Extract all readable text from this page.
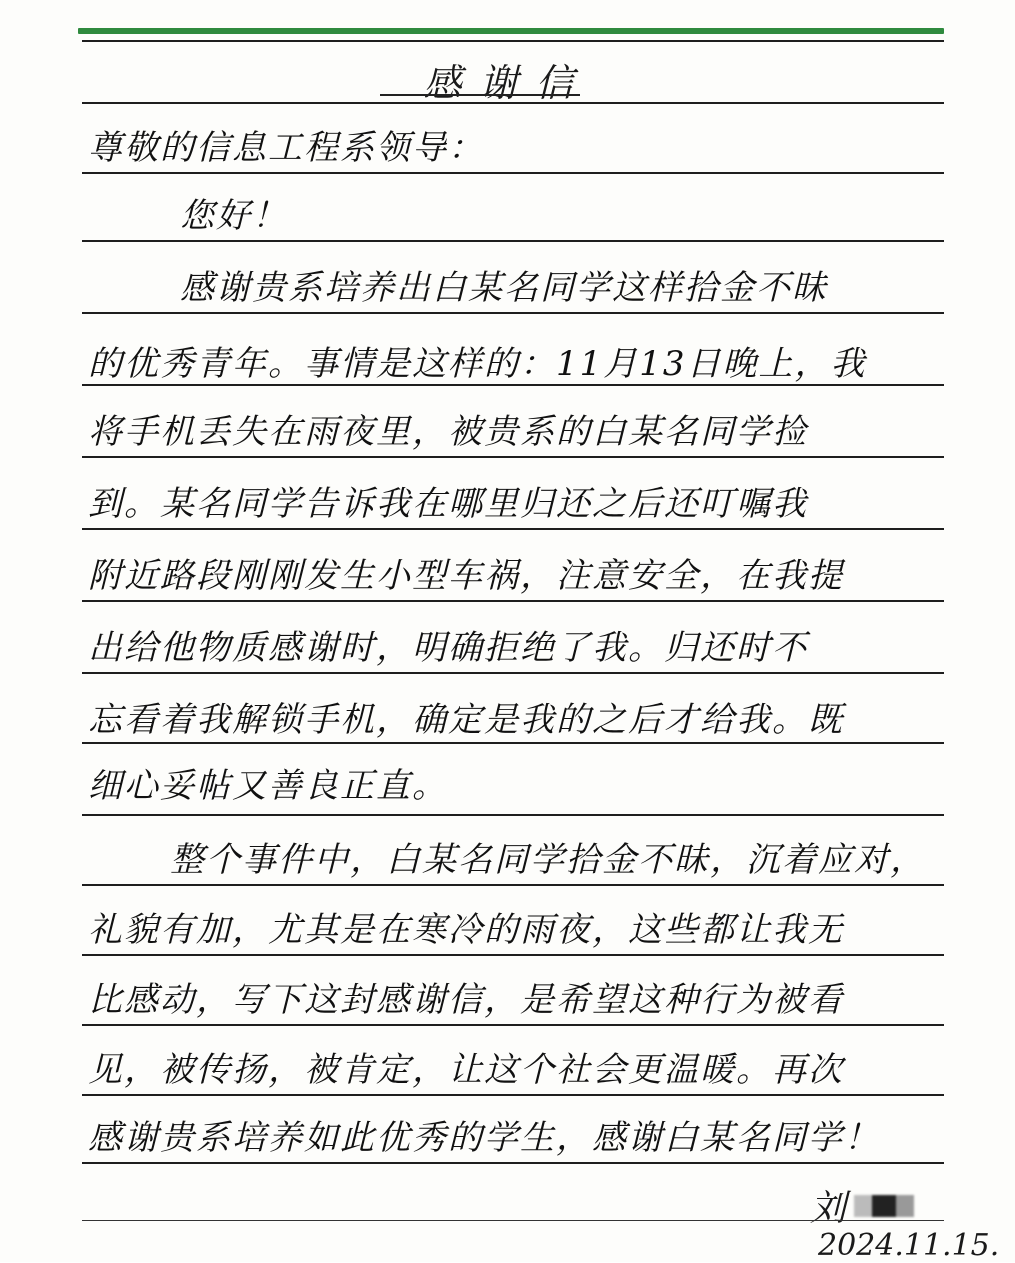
感谢信
尊敬的信息工程系领导：
您好！
感谢贵系培养出白某名同学这样拾金不昧
的优秀青年。事情是这样的：11月13日晚上，我
将手机丢失在雨夜里，被贵系的白某名同学捡
到。某名同学告诉我在哪里归还之后还叮嘱我
附近路段刚刚发生小型车祸，注意安全，在我提
出给他物质感谢时，明确拒绝了我。归还时不
忘看着我解锁手机，确定是我的之后才给我。既
细心妥帖又善良正直。
整个事件中，白某名同学拾金不昧，沉着应对，
礼貌有加，尤其是在寒冷的雨夜，这些都让我无
比感动，写下这封感谢信，是希望这种行为被看
见，被传扬，被肯定，让这个社会更温暖。再次
感谢贵系培养如此优秀的学生，感谢白某名同学！
刘
2024.11.15.
